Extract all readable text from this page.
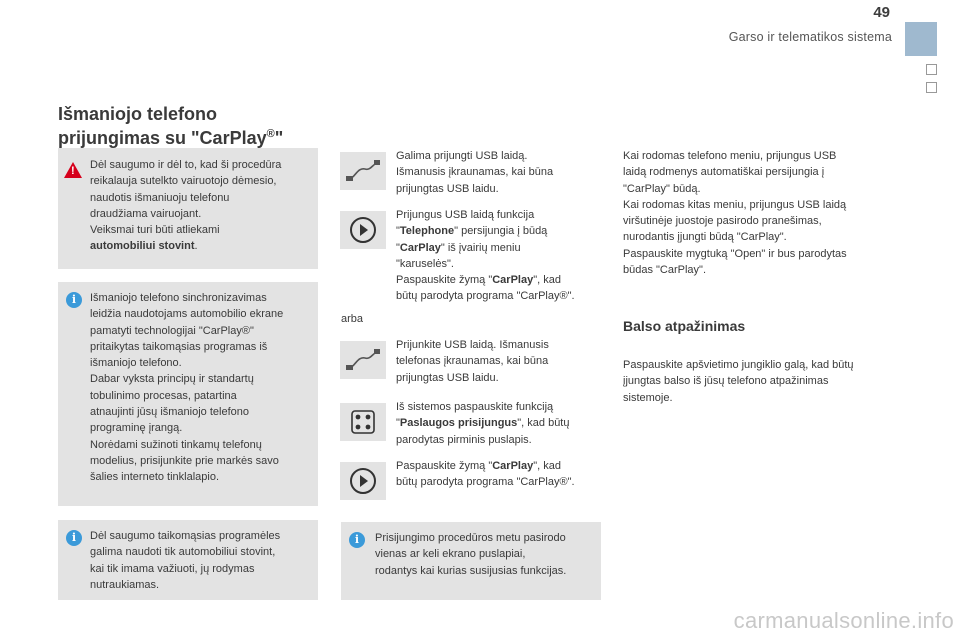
49
Garso ir telematikos sistema
Išmaniojo telefono
prijungimas su "CarPlay®"
! Dėl saugumo ir dėl to, kad ši procedūra
reikalauja sutelkto vairuotojo dėmesio,
naudotis išmaniuoju telefonu
draudžiama vairuojant.
Veiksmai turi būti atliekami
automobiliui stovint.
i	Išmaniojo telefono sinchronizavimas
leidžia naudotojams automobilio ekrane
pamatyti technologijai "CarPlay®"
pritaikytas taikomąsias programas iš
išmaniojo telefono.
Dabar vyksta principų ir standartų
tobulinimo procesas, patartina
atnaujinti jūsų išmaniojo telefono
programinę įrangą.
Norėdami sužinoti tinkamų telefonų
modelius, prisijunkite prie markės savo
šalies interneto tinklalapio.
i	Dėl saugumo taikomąsias programėles
galima naudoti tik automobiliui stovint,
kai tik imama važiuoti, jų rodymas
nutraukiamas.
Galima prijungti USB laidą.
Išmanusis įkraunamas, kai būna
prijungtas USB laidu.
Prijungus USB laidą funkcija
"Telephone" persijungia į būdą
"CarPlay" iš įvairių meniu
"karuselės".
Paspauskite žymą "CarPlay", kad
būtų parodyta programa "CarPlay®".
arba
Prijunkite USB laidą. Išmanusis
telefonas įkraunamas, kai būna
prijungtas USB laidu.
Iš sistemos paspauskite funkciją
"Paslaugos prisijungus", kad būtų
parodytas pirminis puslapis.
Paspauskite žymą "CarPlay", kad
būtų parodyta programa "CarPlay®".
i	Prisijungimo procedūros metu pasirodo
vienas ar keli ekrano puslapiai,
rodantys kai kurias susijusias funkcijas.
Kai rodomas telefono meniu, prijungus USB
laidą rodmenys automatiškai persijungia į
"CarPlay" būdą.
Kai rodomas kitas meniu, prijungus USB laidą
viršutinėje juostoje pasirodo pranešimas,
nurodantis įjungti būdą "CarPlay".
Paspauskite mygtuką "Open" ir bus parodytas
būdas "CarPlay".
Balso atpažinimas
Paspauskite apšvietimo jungiklio galą, kad būtų
įjungtas balso iš jūsų telefono atpažinimas
sistemoje.
carmanualsonline.info
